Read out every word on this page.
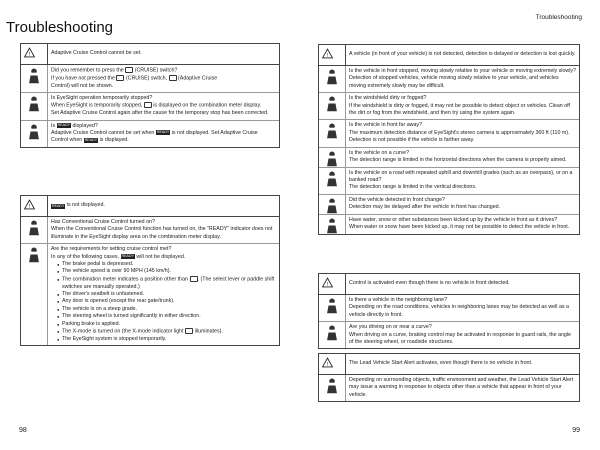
Troubleshooting
Troubleshooting
!	Adaptive Cruise Control cannot be set.
Did you remember to press the (CRUISE) switch?
If you have not pressed the (CRUISE) switch, (Adaptive Cruise
Control) will not be shown.
Is EyeSight operation temporarily stopped?
When EyeSight is temporarily stopped, is displayed on the combination meter display.
Set Adaptive Cruise Control again after the cause for the temporary stop has been corrected.
Is READY displayed?
Adaptive Cruise Control cannot be set when READY is not displayed. Set Adaptive Cruise Control when READY is displayed.
!	READY
is not displayed.
Has Conventional Cruise Control turned on?
When the Conventional Cruise Control function has turned on, the "READY" indicator does not illuminate in the EyeSight display area on the combination meter display.
Are the requirements for setting cruise control met?
In any of the following cases, READY will not be displayed.
● The brake pedal is depressed.
● The vehicle speed is over 90 MPH (145 km/h).
● The combination meter indicates a position other than . (The select lever or paddle shift switches are manually operated.)
● The driver's seatbelt is unfastened.
● Any door is opened (except the rear gate/trunk).
● The vehicle is on a steep grade.
● The steering wheel is turned significantly in either direction.
● Parking brake is applied.
● The X-mode is turned on (the X-mode indicator light illuminates).
● The EyeSight system is stopped temporarily.
!	A vehicle (in front of your vehicle) is not detected, detection is delayed or detection is lost quickly.
Is the vehicle in front stopped, moving slowly relative to your vehicle or moving extremely slowly?
Detection of stopped vehicles, vehicle moving slowly relative to your vehicle, and vehicles moving extremely slowly may be difficult.
Is the windshield dirty or fogged?
If the windshield is dirty or fogged, it may not be possible to detect object or vehicles. Clean off the dirt or fog from the windshield, and then try using the system again.
Is the vehicle in front far away?
The maximum detection distance of EyeSight's stereo camera is approximately 360 ft (110 m). Detection is not possible if the vehicle is farther away.
Is the vehicle on a curve?
The detection range is limited in the horizontal directions when the camera is properly aimed.
Is the vehicle on a road with repeated uphill and downhill grades (such as an overpass), or on a banked road?
The detection range is limited in the vertical directions.
Did the vehicle detected in front change?
Detection may be delayed after the vehicle in front has changed.
Have water, snow or other substances been kicked up by the vehicle in front as it drives?
When water or snow have been kicked up, it may not be possible to detect the vehicle in front.
!	Control is activated even though there is no vehicle in front detected.
Is there a vehicle in the neighboring lane?
Depending on the road conditions, vehicles in neighboring lanes may be detected as well as a vehicle directly in front.
Are you driving on or near a curve?
When driving on a curve, braking control may be activated in response to guard rails, the angle of the steering wheel, or roadside structures.
!	The Lead Vehicle Start Alert activates, even though there is no vehicle in front.
Depending on surrounding objects, traffic environment and weather, the Lead Vehicle Start Alert may issue a warning in response to objects other than a vehicle that appear in front of your vehicle.
98	99
